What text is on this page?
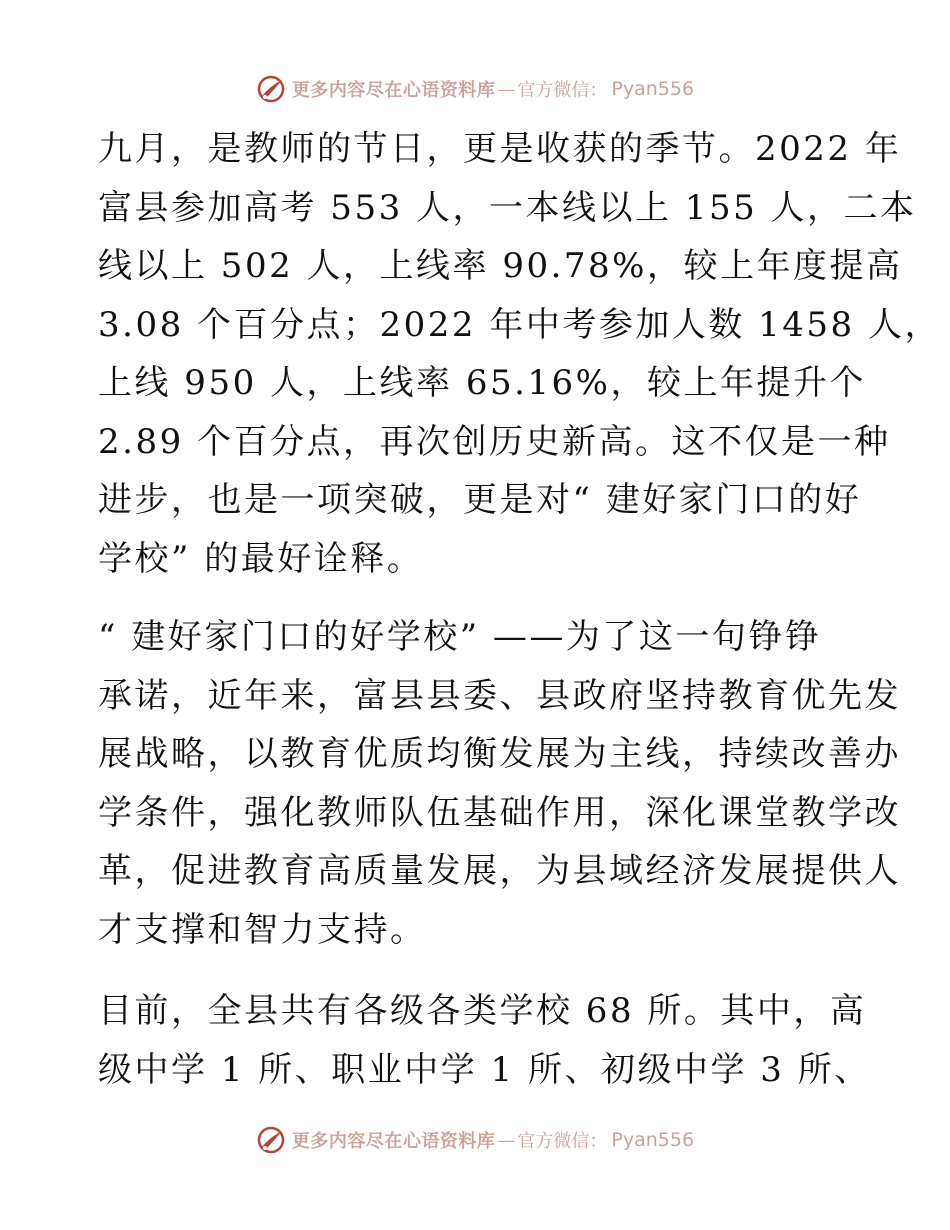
更多内容尽在心语资料库 — 官方微信： Pyan556

九月，是教师的节日，更是收获的季节。2022 年
富县参加高考 553 人，一本线以上 155 人，二本
线以上 502 人，上线率 90.78%，较上年度提高
3.08 个百分点；2022 年中考参加人数 1458 人，
上线 950 人，上线率 65.16%，较上年提升个
2.89 个百分点，再次创历史新高。这不仅是一种
进步，也是一项突破，更是对“ 建好家门口的好
学校” 的最好诠释。

“ 建好家门口的好学校” ——为了这一句铮铮
承诺，近年来，富县县委、县政府坚持教育优先发
展战略，以教育优质均衡发展为主线，持续改善办
学条件，强化教师队伍基础作用，深化课堂教学改
革，促进教育高质量发展，为县域经济发展提供人
才支撑和智力支持。

目前，全县共有各级各类学校 68 所。其中，高
级中学 1 所、职业中学 1 所、初级中学 3 所、

更多内容尽在心语资料库 — 官方微信： Pyan556
